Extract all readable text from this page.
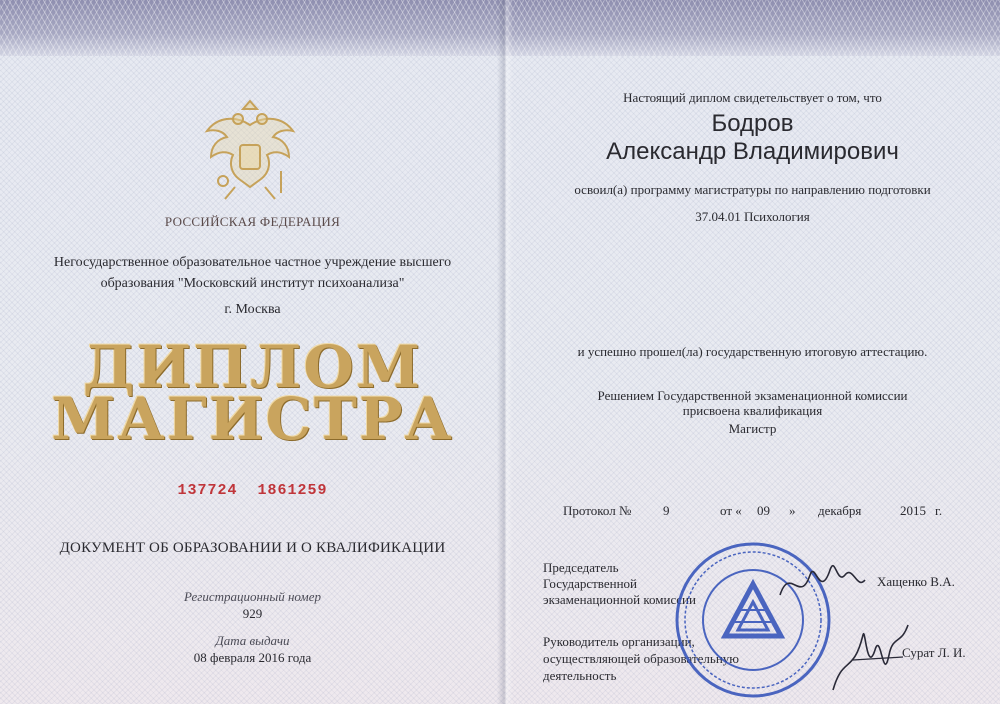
РОССИЙСКАЯ ФЕДЕРАЦИЯ
Негосударственное образовательное частное учреждение высшего
образования "Московский институт психоанализа"
г. Москва
ДИПЛОМ
МАГИСТРА
137724  1861259
ДОКУМЕНТ ОБ ОБРАЗОВАНИИ И О КВАЛИФИКАЦИИ
Регистрационный номер
929
Дата выдачи
08 февраля 2016 года
Настоящий диплом свидетельствует о том, что
Бодров
Александр Владимирович
освоил(а) программу магистратуры по направлению подготовки
37.04.01 Психология
и успешно прошел(ла) государственную итоговую аттестацию.
Решением Государственной экзаменационной комиссии
присвоена квалификация
Магистр
Протокол № 9	от « 09 » декабря	2015 г.
Председатель
Государственной
экзаменационной комиссии
Хащенко В.А.
Руководитель организации,
осуществляющей образовательную
деятельность
Сурат Л. И.
